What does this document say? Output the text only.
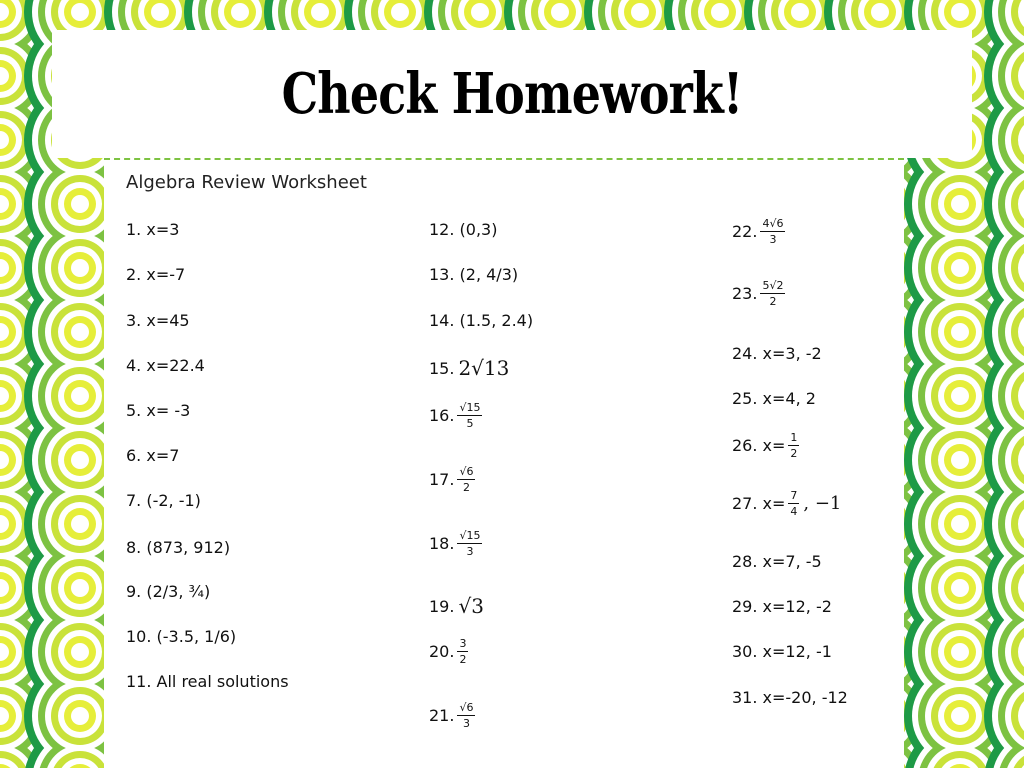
Check Homework!
Algebra Review Worksheet
1. x=3
2. x=-7
3. x=45
4. x=22.4
5. x= -3
6. x=7
7. (-2, -1)
8. (873, 912)
9. (2/3, ¾)
10. (-3.5, 1/6)
11. All real solutions
12. (0,3)
13. (2, 4/3)
14. (1.5, 2.4)
15. 2√13
16. $\frac{√15}{5}$
17. $\frac{√6}{2}$
18. $\frac{√15}{3}$
19. √3
20. $\frac{3}{2}$
21. $\frac{√6}{3}$
22. $\frac{4√6}{3}$
23. $\frac{5√2}{2}$
24. x=3, -2
25. x=4, 2
26. $x= \frac{1}{2}$
27. $x= \frac{7}{4}$ , −1
28. x=7, -5
29. x=12, -2
30. x=12, -1
31. x=-20, -12
